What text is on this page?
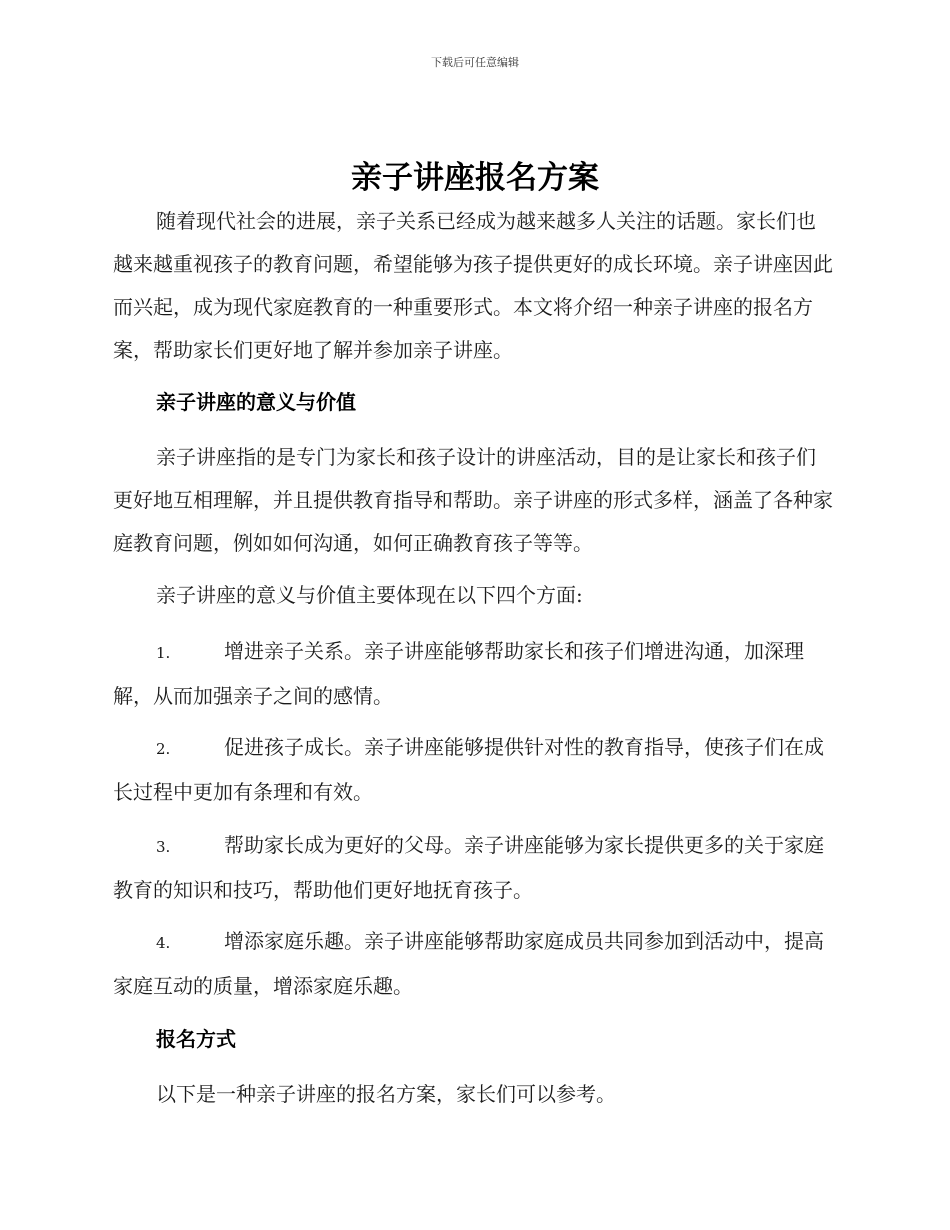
下载后可任意编辑
亲子讲座报名方案

随着现代社会的进展，亲子关系已经成为越来越多人关注的话题。家长们也越来越重视孩子的教育问题，希望能够为孩子提供更好的成长环境。亲子讲座因此而兴起，成为现代家庭教育的一种重要形式。本文将介绍一种亲子讲座的报名方案，帮助家长们更好地了解并参加亲子讲座。

亲子讲座的意义与价值

亲子讲座指的是专门为家长和孩子设计的讲座活动，目的是让家长和孩子们更好地互相理解，并且提供教育指导和帮助。亲子讲座的形式多样，涵盖了各种家庭教育问题，例如如何沟通，如何正确教育孩子等等。

亲子讲座的意义与价值主要体现在以下四个方面:

1.	增进亲子关系。亲子讲座能够帮助家长和孩子们增进沟通，加深理解，从而加强亲子之间的感情。

2.	促进孩子成长。亲子讲座能够提供针对性的教育指导，使孩子们在成长过程中更加有条理和有效。

3.	帮助家长成为更好的父母。亲子讲座能够为家长提供更多的关于家庭教育的知识和技巧，帮助他们更好地抚育孩子。

4.	增添家庭乐趣。亲子讲座能够帮助家庭成员共同参加到活动中，提高家庭互动的质量，增添家庭乐趣。

报名方式

以下是一种亲子讲座的报名方案，家长们可以参考。
